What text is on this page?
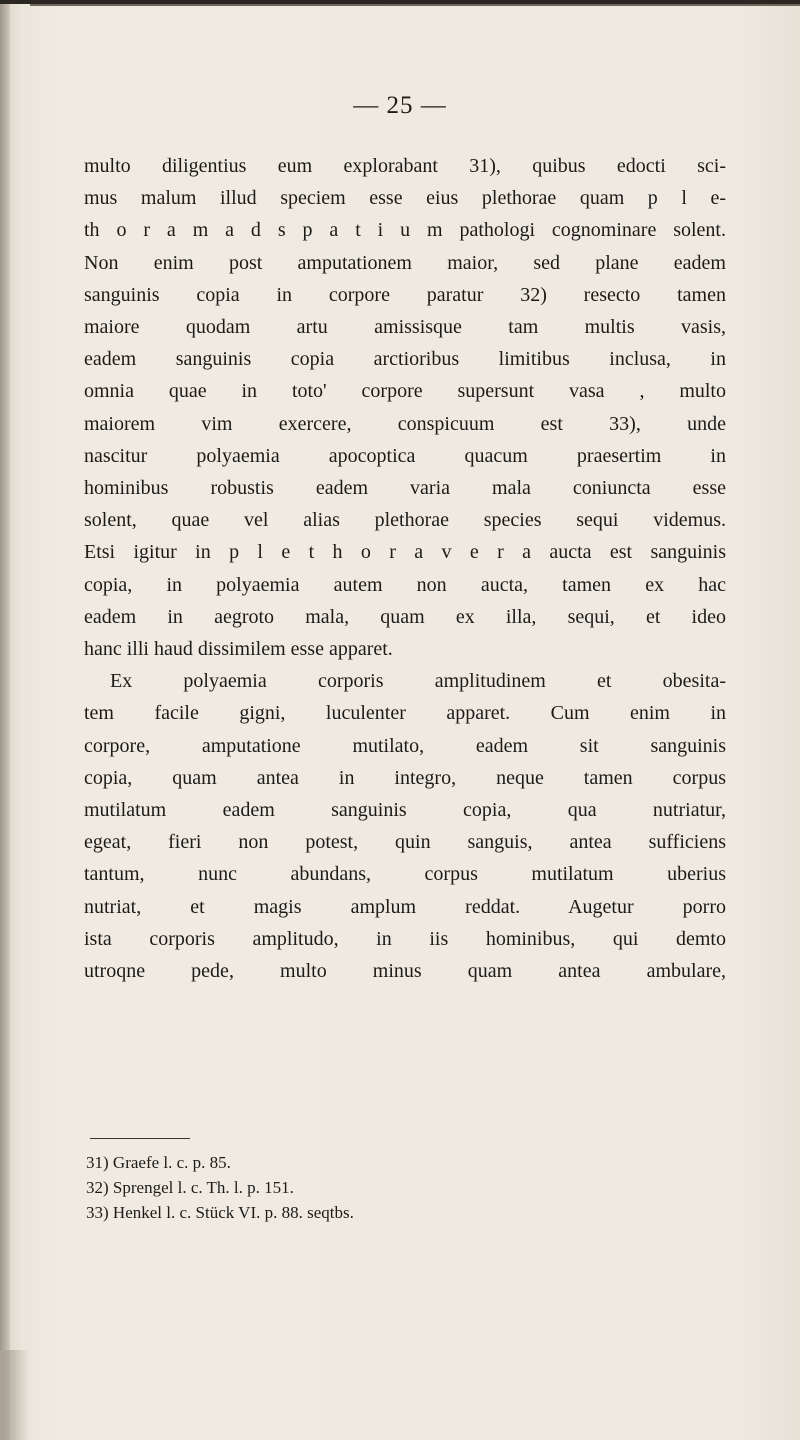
— 25 —
multo diligentius eum explorabant 31), quibus edocti sci-
mus malum illud speciem esse eius plethorae quam p l e-
th o r a m a d s p a t i u m pathologi cognominare solent.
Non enim post amputationem maior, sed plane eadem
sanguinis copia in corpore paratur 32) resecto tamen
maiore quodam artu amissisque tam multis vasis,
eadem sanguinis copia arctioribus limitibus inclusa, in
omnia quae in toto' corpore supersunt vasa , multo
maiorem vim exercere, conspicuum est 33), unde
nascitur polyaemia apocoptica quacum praesertim in
hominibus robustis eadem varia mala coniuncta esse
solent, quae vel alias plethorae species sequi videmus.
Etsi igitur in p l e t h o r a v e r a aucta est sanguinis
copia, in polyaemia autem non aucta, tamen ex hac
eadem in aegroto mala, quam ex illa, sequi, et ideo
hanc illi haud dissimilem esse apparet.
Ex polyaemia corporis amplitudinem et obesita-
tem facile gigni, luculenter apparet. Cum enim in
corpore, amputatione mutilato, eadem sit sanguinis
copia, quam antea in integro, neque tamen corpus
mutilatum eadem sanguinis copia, qua nutriatur,
egeat, fieri non potest, quin sanguis, antea sufficiens
tantum, nunc abundans, corpus mutilatum uberius
nutriat, et magis amplum reddat. Augetur porro
ista corporis amplitudo, in iis hominibus, qui demto
utroqne pede, multo minus quam antea ambulare,
31) Graefe l. c. p. 85.
32) Sprengel l. c. Th. l. p. 151.
33) Henkel l. c. Stück VI. p. 88. seqtbs.
